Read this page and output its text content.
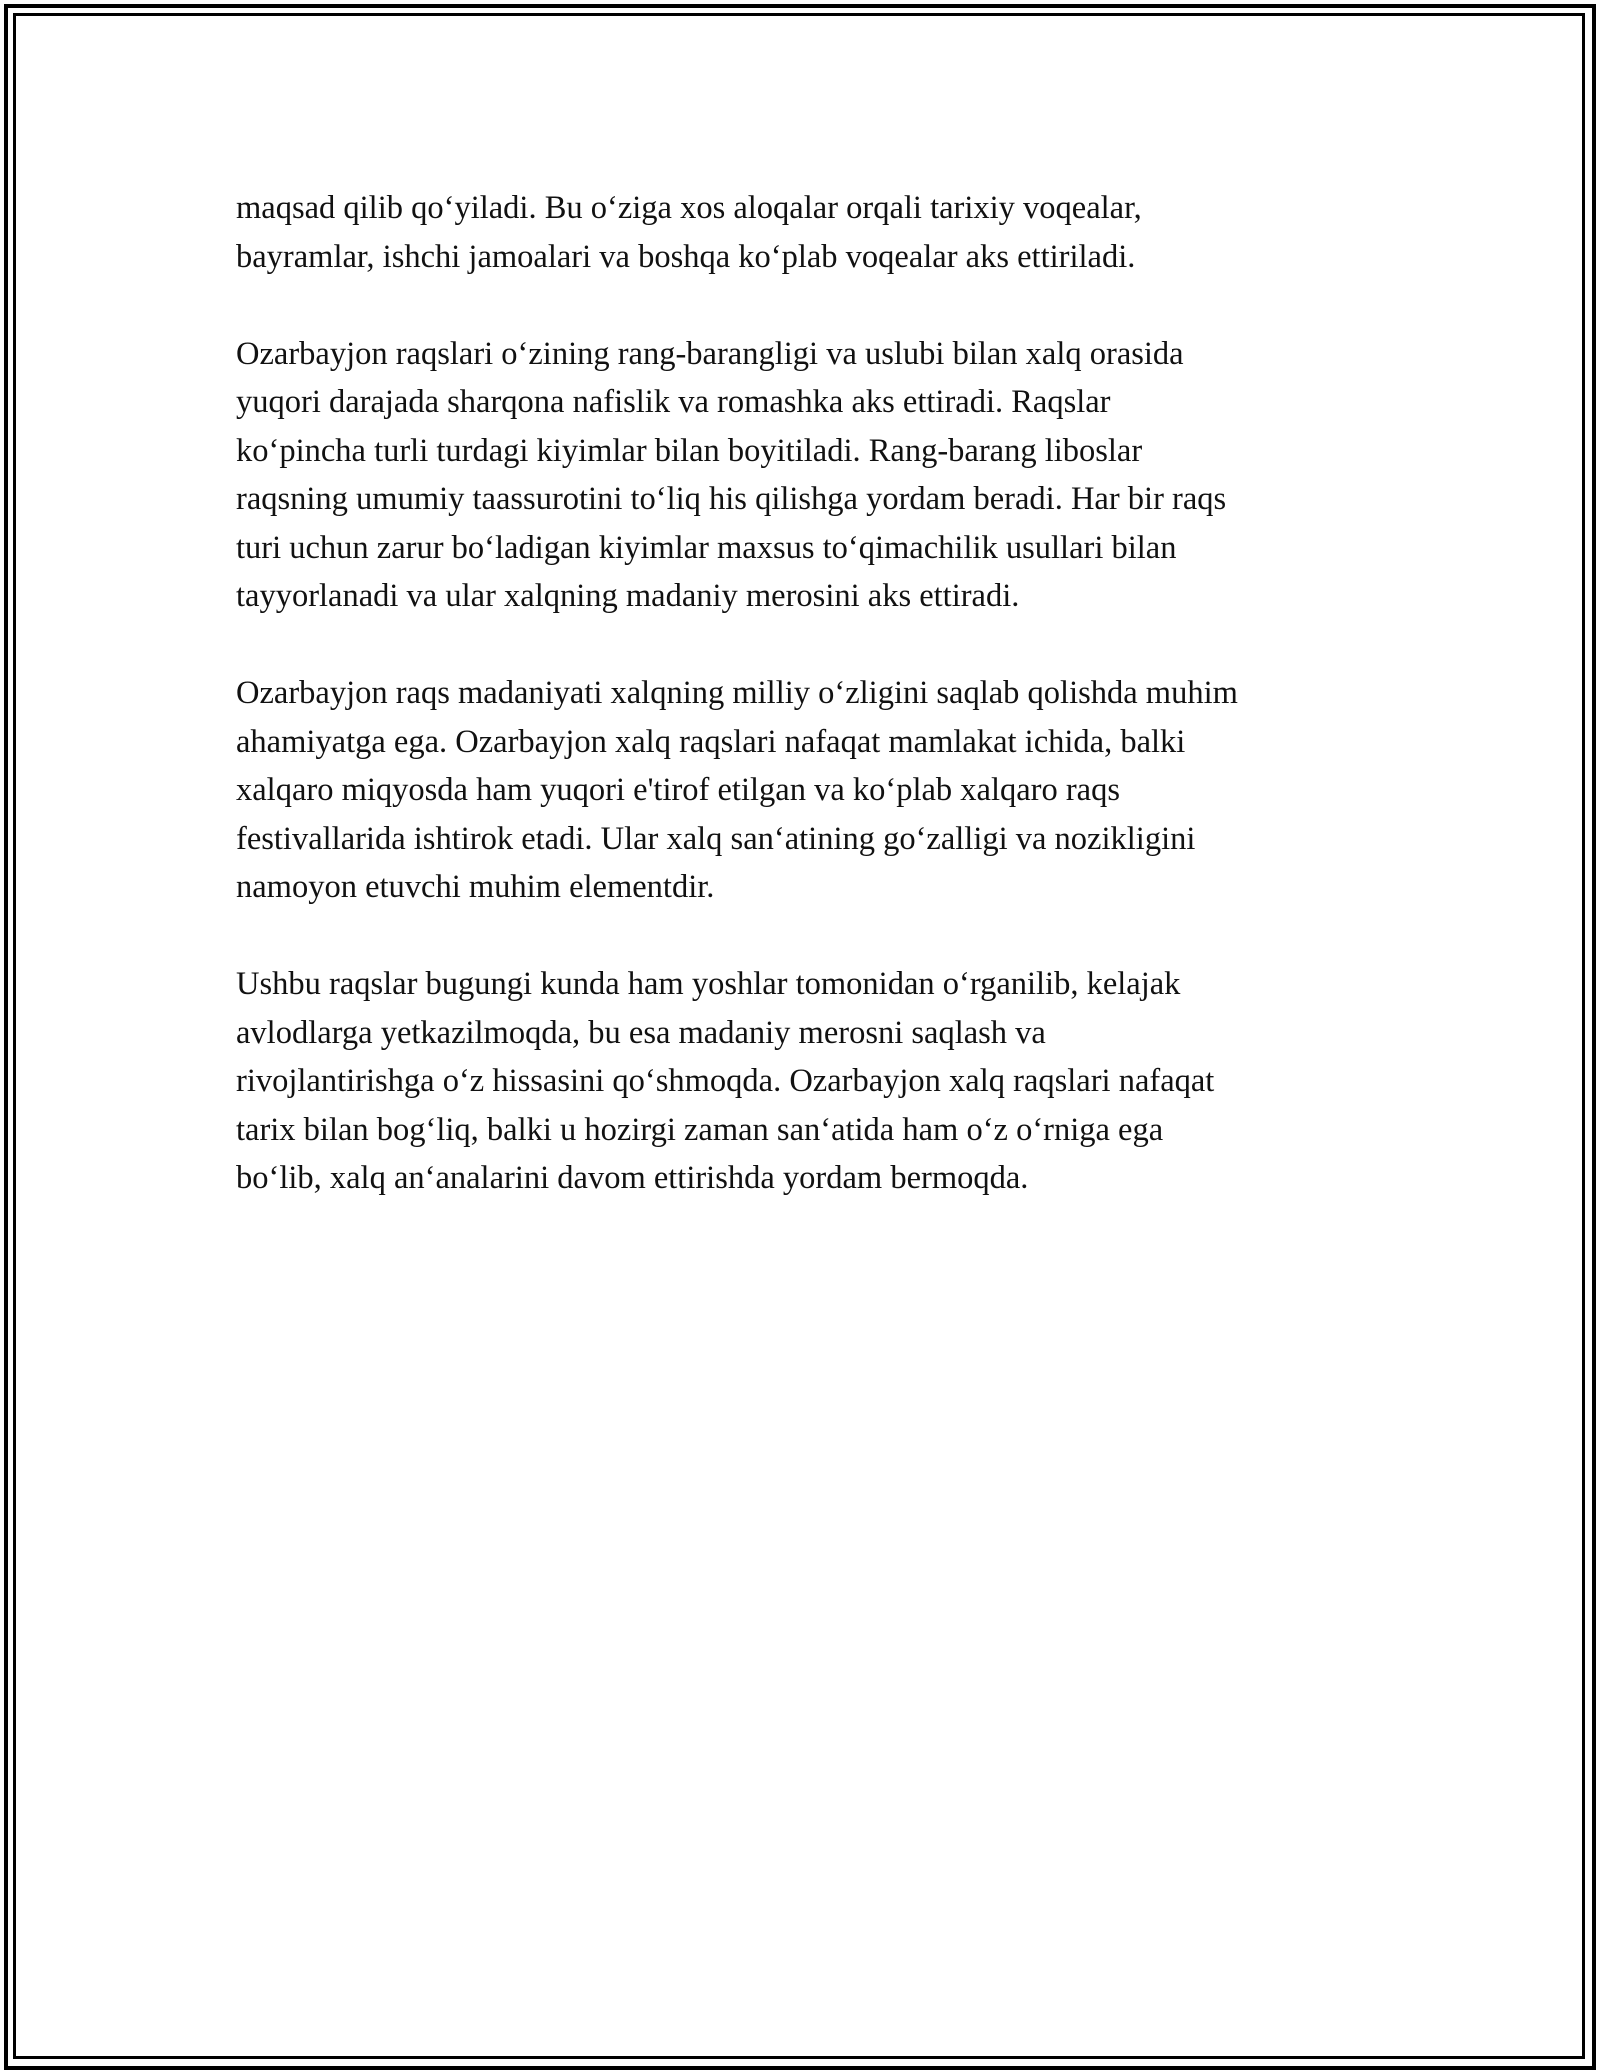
maqsad qilib qo‘yiladi. Bu o‘ziga xos aloqalar orqali tarixiy voqealar,
bayramlar, ishchi jamoalari va boshqa ko‘plab voqealar aks ettiriladi.

Ozarbayjon raqslari o‘zining rang-barangligi va uslubi bilan xalq orasida
yuqori darajada sharqona nafislik va romashka aks ettiradi. Raqslar
ko‘pincha turli turdagi kiyimlar bilan boyitiladi. Rang-barang liboslar
raqsning umumiy taassurotini to‘liq his qilishga yordam beradi. Har bir raqs
turi uchun zarur bo‘ladigan kiyimlar maxsus to‘qimachilik usullari bilan
tayyorlanadi va ular xalqning madaniy merosini aks ettiradi.

Ozarbayjon raqs madaniyati xalqning milliy o‘zligini saqlab qolishda muhim
ahamiyatga ega. Ozarbayjon xalq raqslari nafaqat mamlakat ichida, balki
xalqaro miqyosda ham yuqori e'tirof etilgan va ko‘plab xalqaro raqs
festivallarida ishtirok etadi. Ular xalq san‘atining go‘zalligi va nozikligini
namoyon etuvchi muhim elementdir.

Ushbu raqslar bugungi kunda ham yoshlar tomonidan o‘rganilib, kelajak
avlodlarga yetkazilmoqda, bu esa madaniy merosni saqlash va
rivojlantirishga o‘z hissasini qo‘shmoqda. Ozarbayjon xalq raqslari nafaqat
tarix bilan bog‘liq, balki u hozirgi zaman san‘atida ham o‘z o‘rniga ega
bo‘lib, xalq an‘analarini davom ettirishda yordam bermoqda.
